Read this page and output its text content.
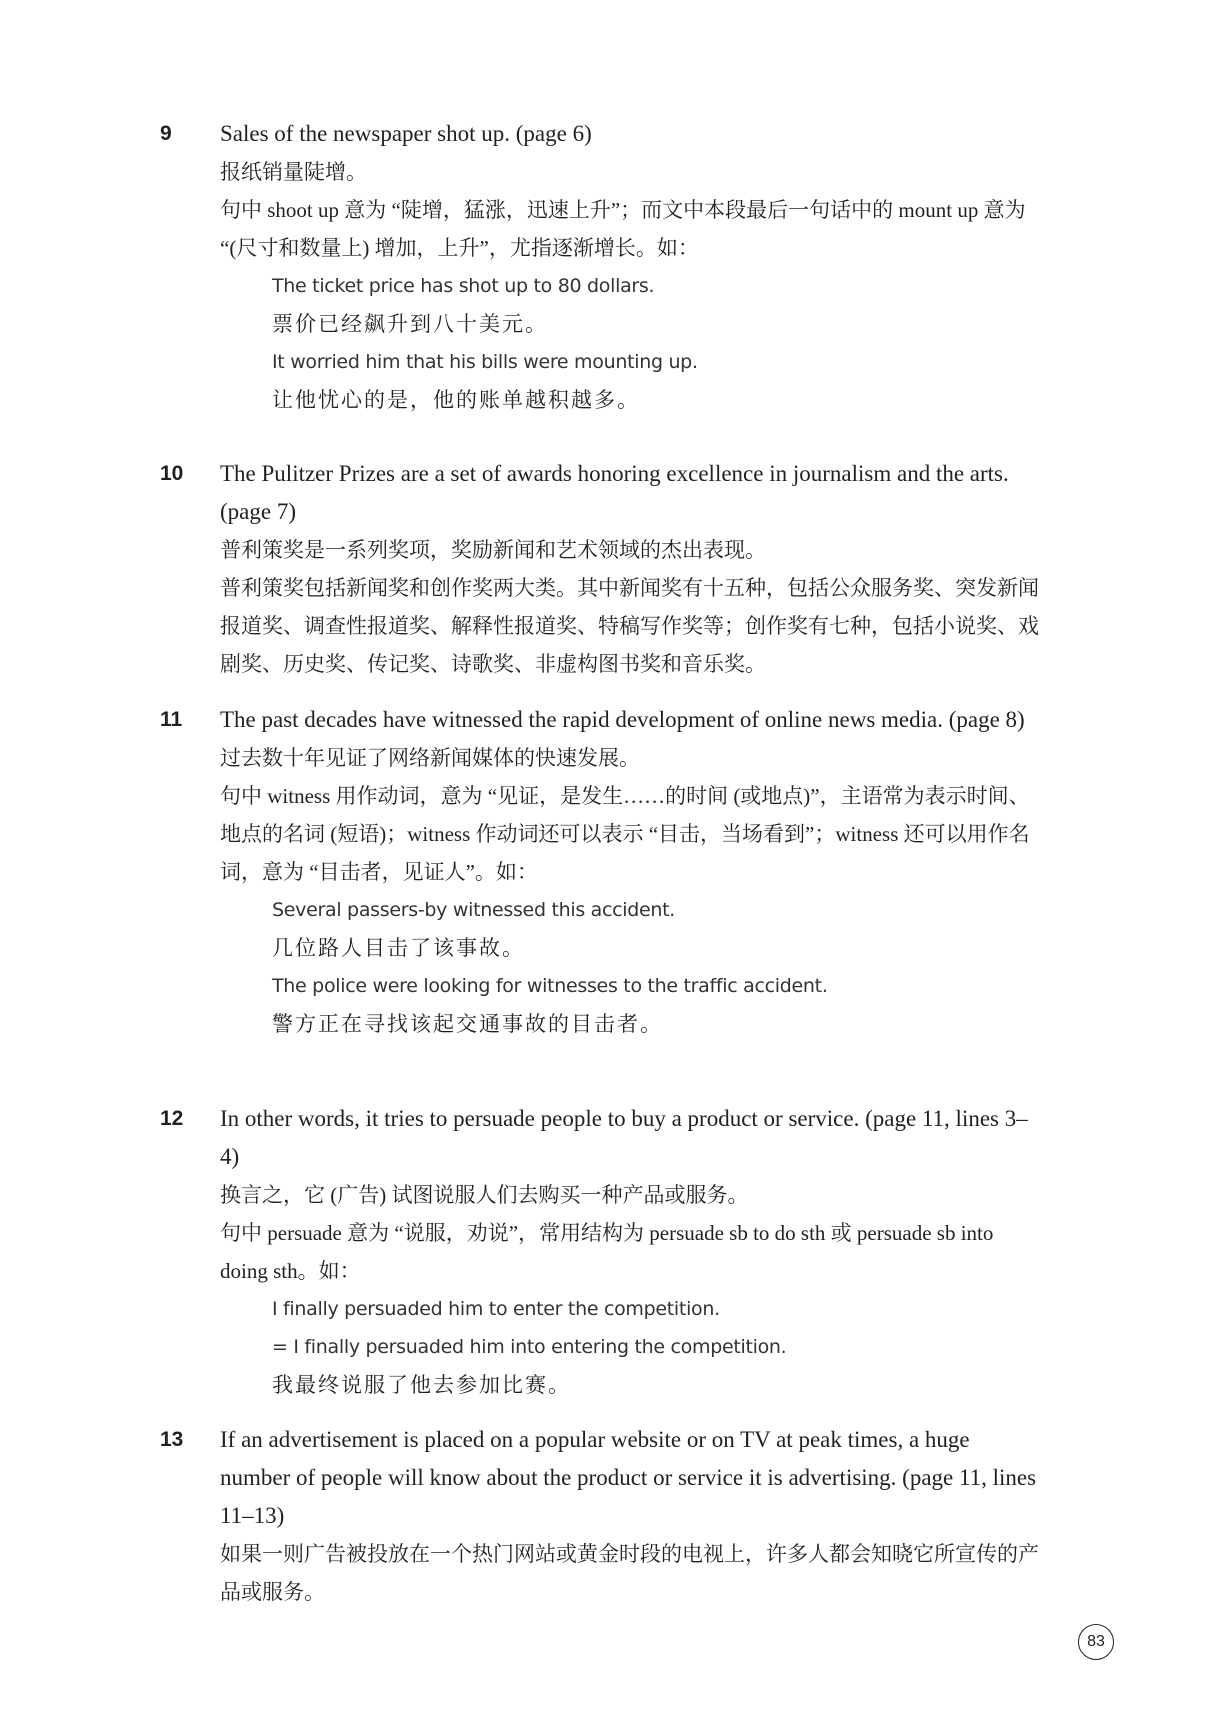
9	Sales of the newspaper shot up. (page 6)

报纸销量陡增。

句中 shoot up 意为 “陡增，猛涨，迅速上升”；而文中本段最后一句话中的 mount up 意为 “(尺寸和数量上) 增加，上升”，尤指逐渐增长。如：

The ticket price has shot up to 80 dollars.

票价已经飙升到八十美元。

It worried him that his bills were mounting up.

让他忧心的是，他的账单越积越多。

10	The Pulitzer Prizes are a set of awards honoring excellence in journalism and the arts. (page 7)

普利策奖是一系列奖项，奖励新闻和艺术领域的杰出表现。

普利策奖包括新闻奖和创作奖两大类。其中新闻奖有十五种，包括公众服务奖、突发新闻报道奖、调查性报道奖、解释性报道奖、特稿写作奖等；创作奖有七种，包括小说奖、戏剧奖、历史奖、传记奖、诗歌奖、非虚构图书奖和音乐奖。

11	The past decades have witnessed the rapid development of online news media. (page 8)

过去数十年见证了网络新闻媒体的快速发展。

句中 witness 用作动词，意为 “见证，是发生……的时间 (或地点)”，主语常为表示时间、地点的名词 (短语)；witness 作动词还可以表示 “目击，当场看到”；witness 还可以用作名词，意为 “目击者，见证人”。如：

Several passers-by witnessed this accident.

几位路人目击了该事故。

The police were looking for witnesses to the traffic accident.

警方正在寻找该起交通事故的目击者。

12	In other words, it tries to persuade people to buy a product or service. (page 11, lines 3–4)

换言之，它 (广告) 试图说服人们去购买一种产品或服务。

句中 persuade 意为 “说服，劝说”，常用结构为 persuade sb to do sth 或 persuade sb into doing sth。如：

I finally persuaded him to enter the competition.

= I finally persuaded him into entering the competition.

我最终说服了他去参加比赛。

13	If an advertisement is placed on a popular website or on TV at peak times, a huge number of people will know about the product or service it is advertising. (page 11, lines 11–13)

如果一则广告被投放在一个热门网站或黄金时段的电视上，许多人都会知晓它所宣传的产品或服务。

83
